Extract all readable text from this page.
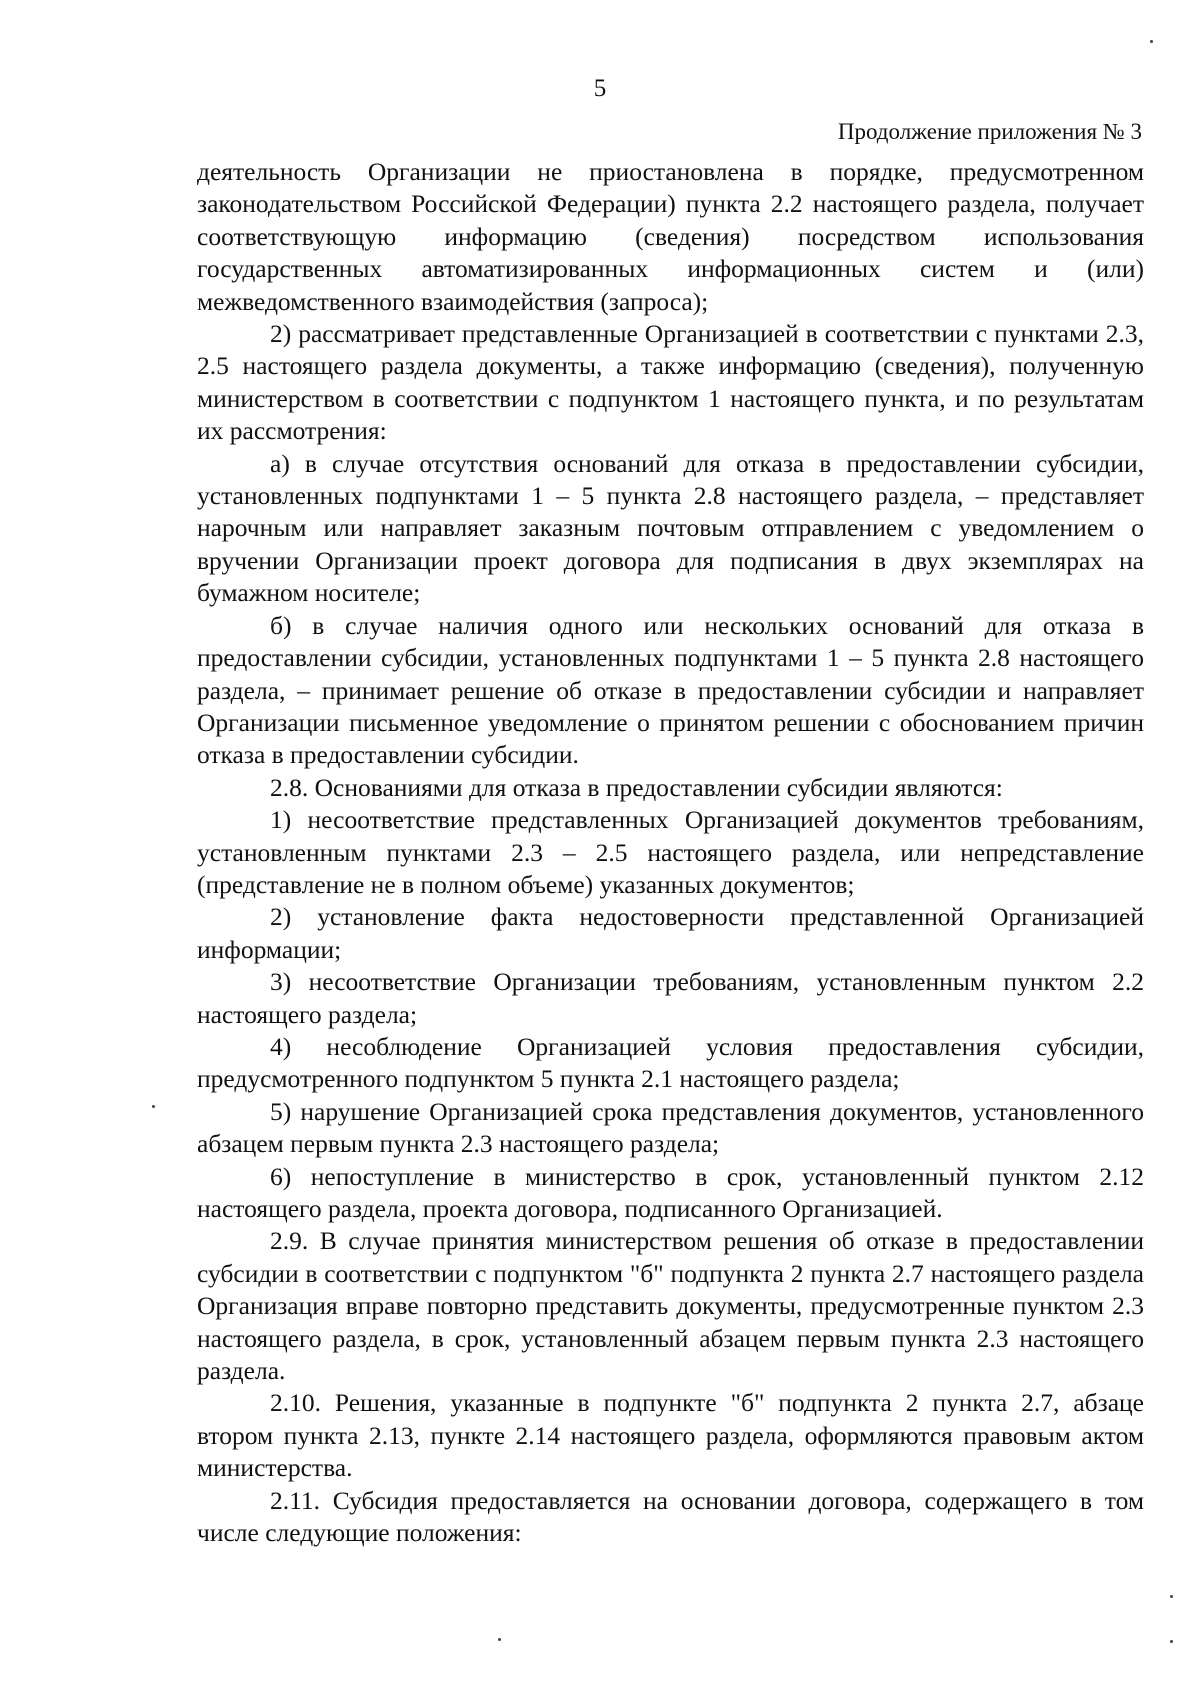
5
Продолжение приложения № 3

деятельность Организации не приостановлена в порядке, предусмотренном законодательством Российской Федерации) пункта 2.2 настоящего раздела, получает соответствующую информацию (сведения) посредством использования государственных автоматизированных информационных систем и (или) межведомственного взаимодействия (запроса);

2) рассматривает представленные Организацией в соответствии с пунктами 2.3, 2.5 настоящего раздела документы, а также информацию (сведения), полученную министерством в соответствии с подпунктом 1 настоящего пункта, и по результатам их рассмотрения:

а) в случае отсутствия оснований для отказа в предоставлении субсидии, установленных подпунктами 1 – 5 пункта 2.8 настоящего раздела, – представляет нарочным или направляет заказным почтовым отправлением с уведомлением о вручении Организации проект договора для подписания в двух экземплярах на бумажном носителе;

б) в случае наличия одного или нескольких оснований для отказа в предоставлении субсидии, установленных подпунктами 1 – 5 пункта 2.8 настоящего раздела, – принимает решение об отказе в предоставлении субсидии и направляет Организации письменное уведомление о принятом решении с обоснованием причин отказа в предоставлении субсидии.

2.8. Основаниями для отказа в предоставлении субсидии являются:

1) несоответствие представленных Организацией документов требованиям, установленным пунктами 2.3 – 2.5 настоящего раздела, или непредставление (представление не в полном объеме) указанных документов;

2) установление факта недостоверности представленной Организацией информации;

3) несоответствие Организации требованиям, установленным пунктом 2.2 настоящего раздела;

4) несоблюдение Организацией условия предоставления субсидии, предусмотренного подпунктом 5 пункта 2.1 настоящего раздела;

5) нарушение Организацией срока представления документов, установленного абзацем первым пункта 2.3 настоящего раздела;

6) непоступление в министерство в срок, установленный пунктом 2.12 настоящего раздела, проекта договора, подписанного Организацией.

2.9. В случае принятия министерством решения об отказе в предоставлении субсидии в соответствии с подпунктом "б" подпункта 2 пункта 2.7 настоящего раздела Организация вправе повторно представить документы, предусмотренные пунктом 2.3 настоящего раздела, в срок, установленный абзацем первым пункта 2.3 настоящего раздела.

2.10. Решения, указанные в подпункте "б" подпункта 2 пункта 2.7, абзаце втором пункта 2.13, пункте 2.14 настоящего раздела, оформляются правовым актом министерства.

2.11. Субсидия предоставляется на основании договора, содержащего в том числе следующие положения:
